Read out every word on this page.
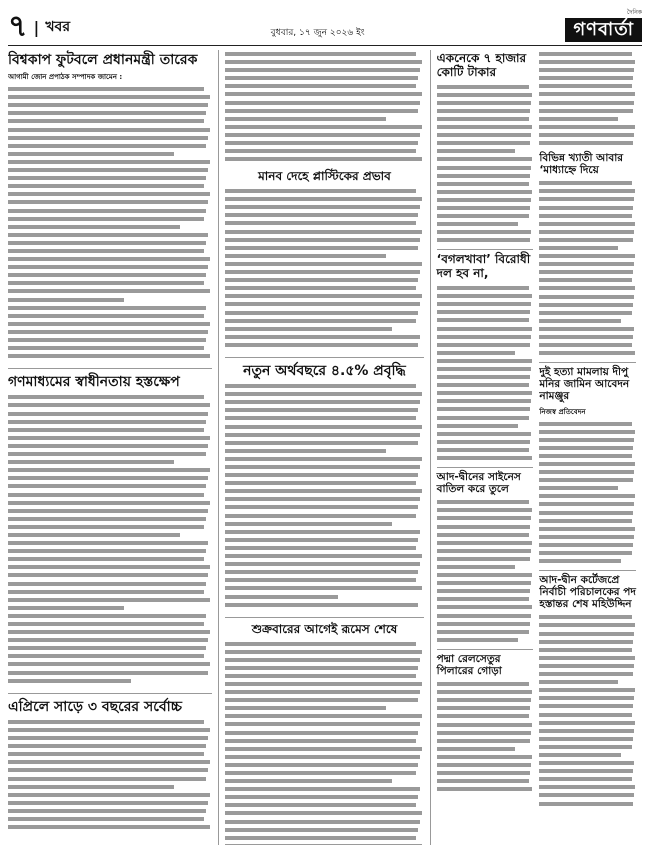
৭ | খবর	বুধবার, ১৭ জুন ২০২৬ ইং
দৈনিক
গণবার্তা
বিশ্বকাপ ফুটবলে প্রধানমন্ত্রী তারেক
আগামী জোন প্রপাঠক সম্পাদক জামেন :
গণমাধ্যমের স্বাধীনতায় হস্তক্ষেপ
এপ্রিলে সাড়ে ৩ বছরের সর্বোচ্চ
মানব দেহে প্লাস্টিকের প্রভাব
নতুন অর্থবছরে ৪.৫% প্রবৃদ্ধি
শুক্রবারের আগেই রূমেস শেষে
একনেকে ৭ হাজার কোটি টাকার
‘বগলখাবা’ বিরোধী দল হব না,
আদ-দ্বীনের সাইনেস বাতিল করে তুলে
পদ্মা রেলসেতুর পিলারের গোড়া
বিভিন্ন খ্যাতী আবার ‘মাধ্যাহ্নে দিয়ে
দুই হত্যা মামলায় দীপু মনির জামিন আবেদন নামঞ্জুর
নিজস্ব প্রতিবেদন
আদ-দ্বীন কর্টেজপ্রে নির্বাচী পরিচালকের পদ হস্তান্তর শেষ মহিউদ্দিন
